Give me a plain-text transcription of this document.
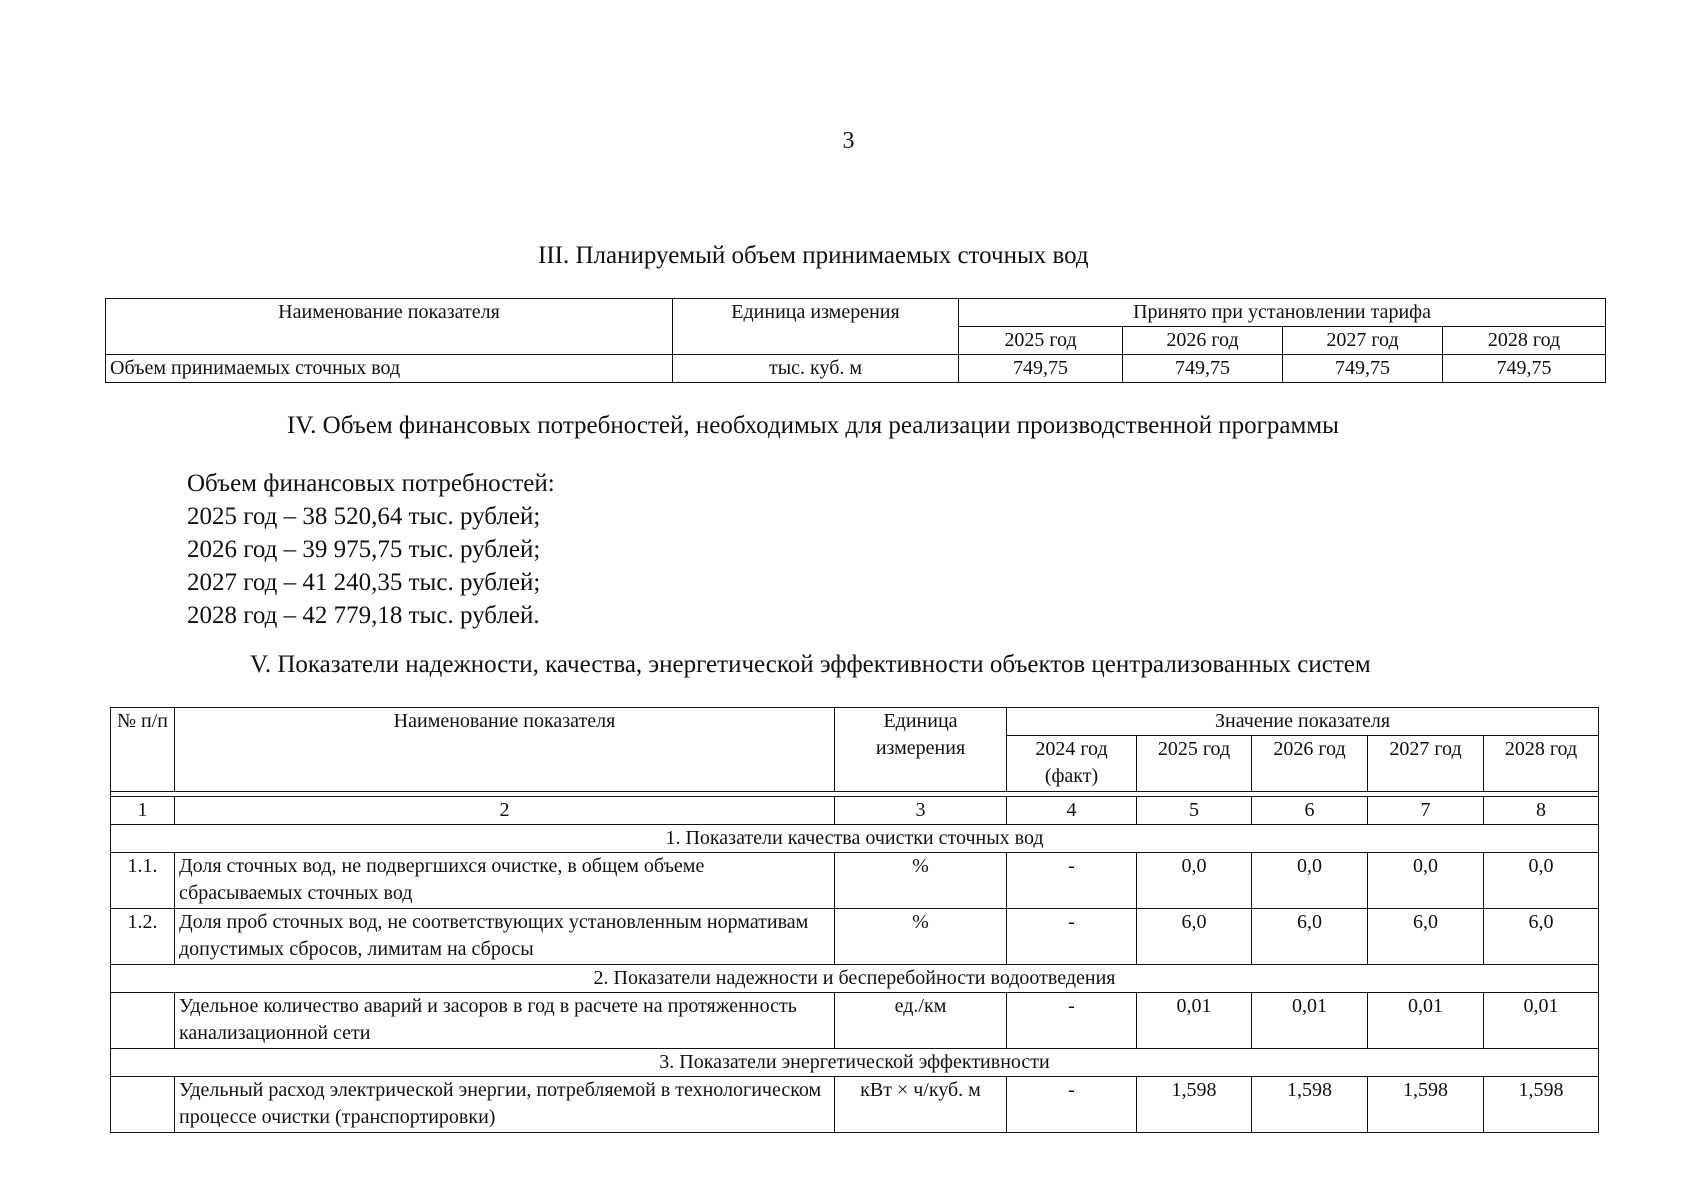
3
III. Планируемый объем принимаемых сточных вод
Наименование показателя	Единица измерения	Принято при установлении тарифа			
		2025 год	2026 год	2027 год	2028 год
Объем принимаемых сточных вод	тыс. куб. м	749,75	749,75	749,75	749,75
IV. Объем финансовых потребностей, необходимых для реализации производственной программы
Объем финансовых потребностей:
2025 год – 38 520,64 тыс. рублей;
2026 год – 39 975,75 тыс. рублей;
2027 год – 41 240,35 тыс. рублей;
2028 год – 42 779,18 тыс. рублей.
V. Показатели надежности, качества, энергетической эффективности объектов централизованных систем
№ п/п	Наименование показателя	Единица измерения	Значение показателя				
			2024 год (факт)	2025 год	2026 год	2027 год	2028 год

1	2	3	4	5	6	7	8
1. Показатели качества очистки сточных вод							
1.1.	Доля сточных вод, не подвергшихся очистке, в общем объеме сбрасываемых сточных вод	%	-	0,0	0,0	0,0	0,0
1.2.	Доля проб сточных вод, не соответствующих установленным нормативам допустимых сбросов, лимитам на сбросы	%	-	6,0	6,0	6,0	6,0
2. Показатели надежности и бесперебойности водоотведения							
	Удельное количество аварий и засоров в год в расчете на протяженность канализационной сети	ед./км	-	0,01	0,01	0,01	0,01
3. Показатели энергетической эффективности							
	Удельный расход электрической энергии, потребляемой в технологическом процессе очистки (транспортировки)	кВт × ч/куб. м	-	1,598	1,598	1,598	1,598
